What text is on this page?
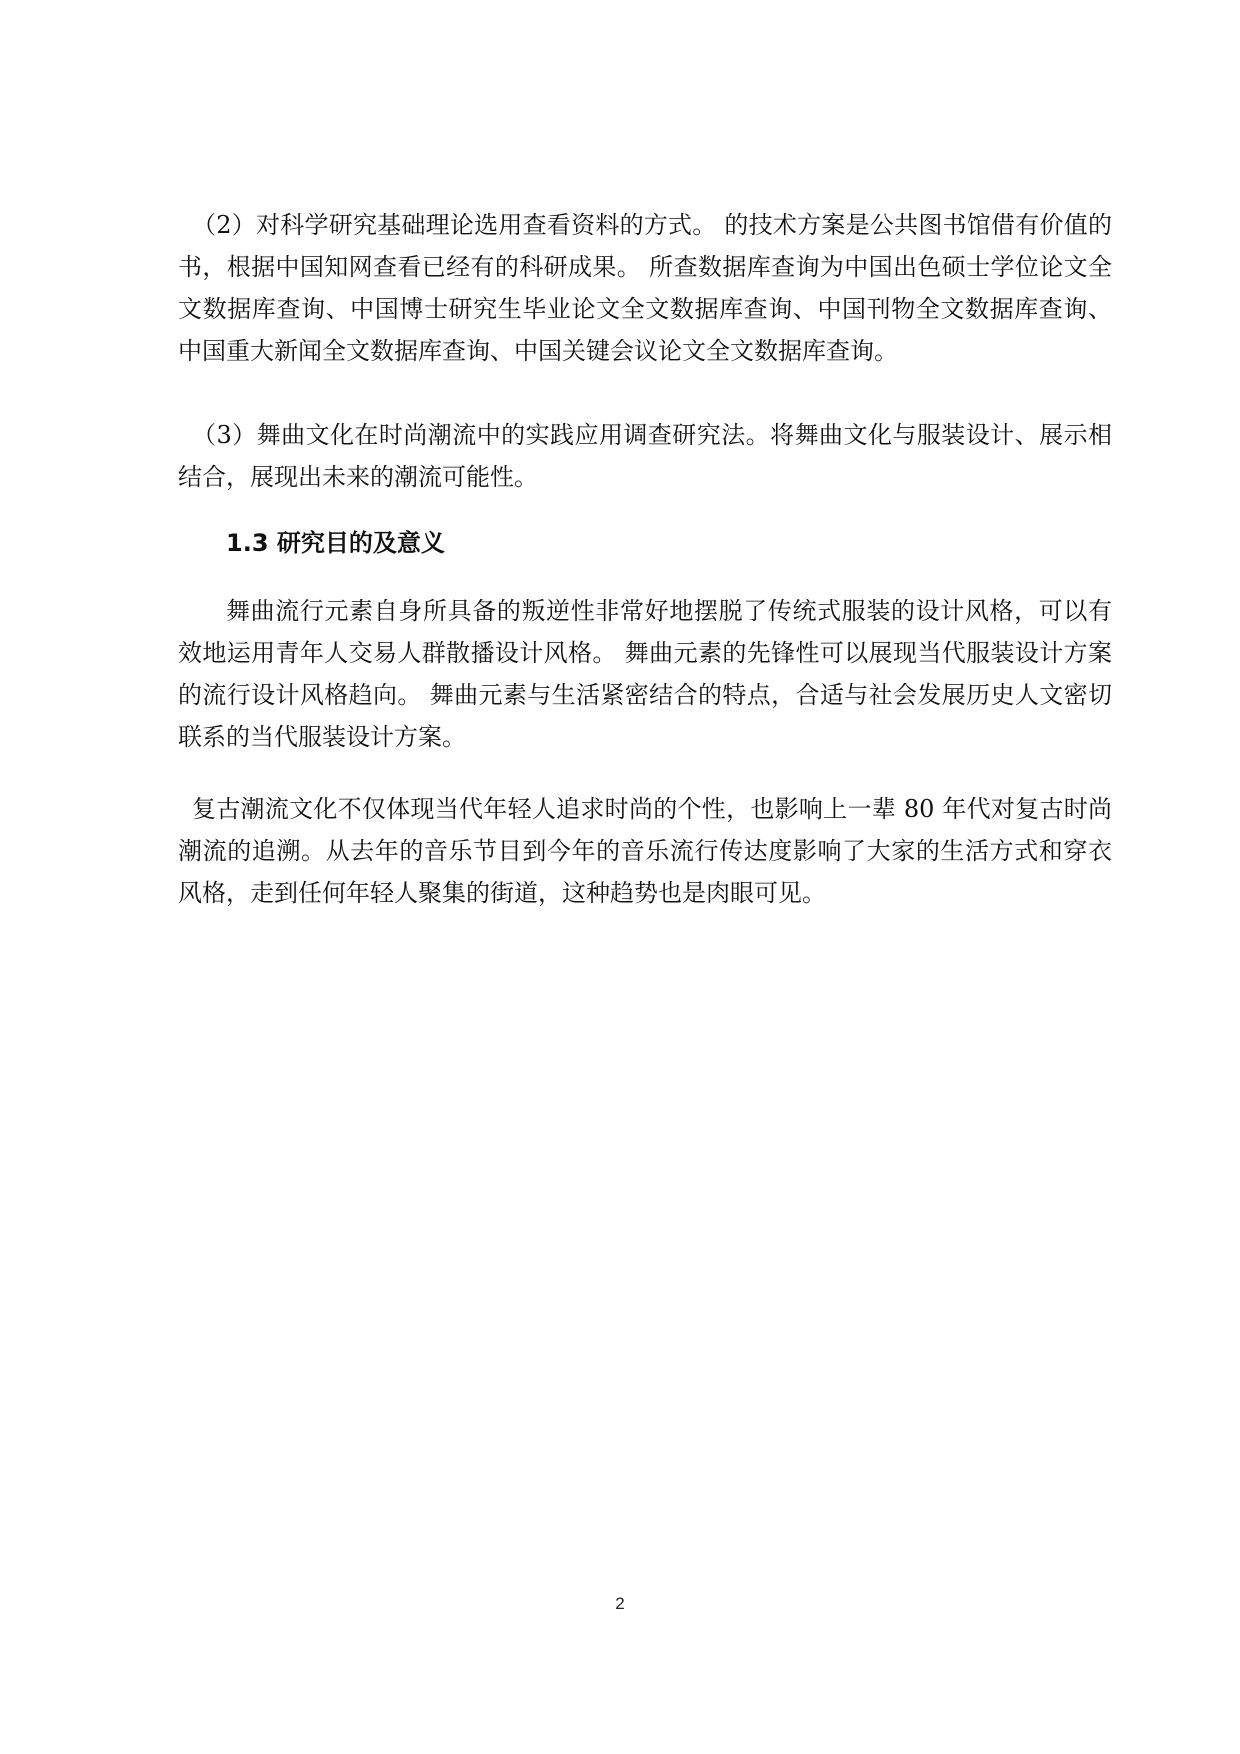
（2）对科学研究基础理论选用查看资料的方式。 的技术方案是公共图书馆借有价值的书，根据中国知网查看已经有的科研成果。 所查数据库查询为中国出色硕士学位论文全文数据库查询、中国博士研究生毕业论文全文数据库查询、中国刊物全文数据库查询、中国重大新闻全文数据库查询、中国关键会议论文全文数据库查询。

（3）舞曲文化在时尚潮流中的实践应用调查研究法。将舞曲文化与服装设计、展示相结合，展现出未来的潮流可能性。

1.3 研究目的及意义

舞曲流行元素自身所具备的叛逆性非常好地摆脱了传统式服装的设计风格，可以有效地运用青年人交易人群散播设计风格。 舞曲元素的先锋性可以展现当代服装设计方案的流行设计风格趋向。 舞曲元素与生活紧密结合的特点，合适与社会发展历史人文密切联系的当代服装设计方案。

复古潮流文化不仅体现当代年轻人追求时尚的个性，也影响上一辈 80 年代对复古时尚潮流的追溯。从去年的音乐节目到今年的音乐流行传达度影响了大家的生活方式和穿衣风格，走到任何年轻人聚集的街道，这种趋势也是肉眼可见。

2
